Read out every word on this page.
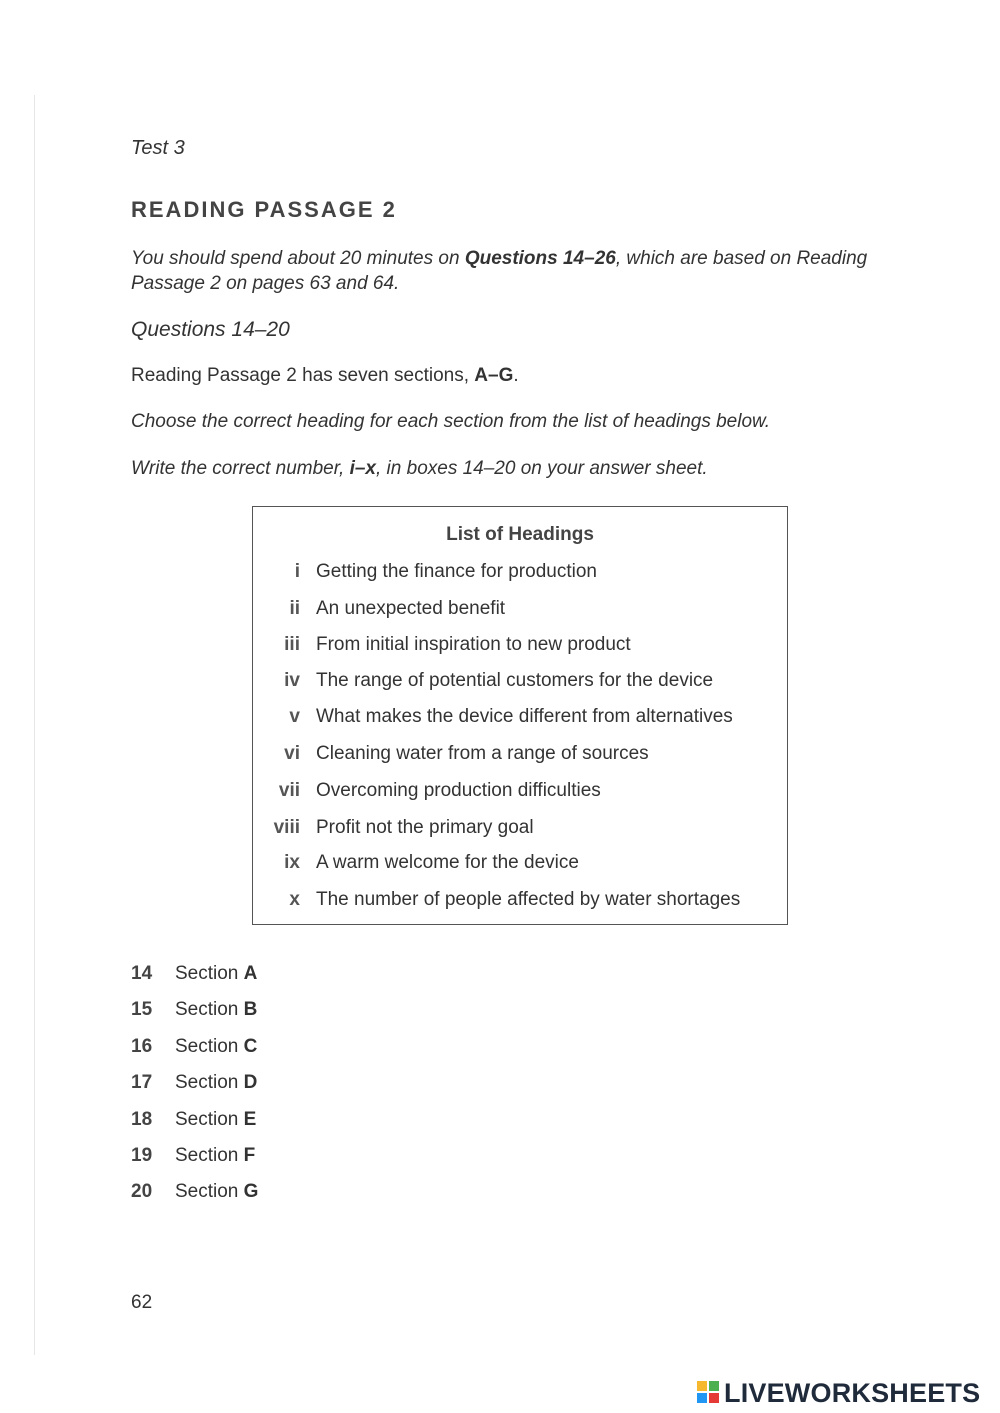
Test 3
READING PASSAGE 2
You should spend about 20 minutes on Questions 14–26, which are based on Reading Passage 2 on pages 63 and 64.
Questions 14–20
Reading Passage 2 has seven sections, A–G.
Choose the correct heading for each section from the list of headings below.
Write the correct number, i–x, in boxes 14–20 on your answer sheet.
List of Headings
i Getting the finance for production
ii An unexpected benefit
iii From initial inspiration to new product
iv The range of potential customers for the device
v What makes the device different from alternatives
vi Cleaning water from a range of sources
vii Overcoming production difficulties
viii Profit not the primary goal
ix A warm welcome for the device
x The number of people affected by water shortages
14 Section A
15 Section B
16 Section C
17 Section D
18 Section E
19 Section F
20 Section G
62
LIVEWORKSHEETS
